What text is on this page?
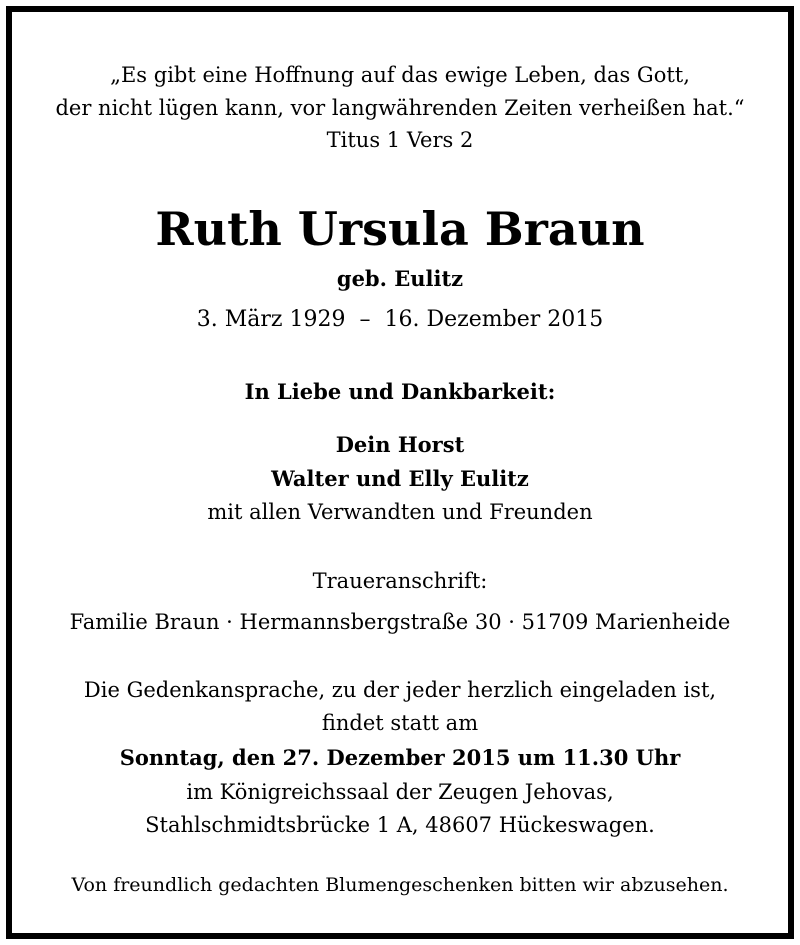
„Es gibt eine Hoffnung auf das ewige Leben, das Gott,
der nicht lügen kann, vor langwährenden Zeiten verheißen hat.“
Titus 1 Vers 2
Ruth Ursula Braun
geb. Eulitz
3. März 1929 – 16. Dezember 2015
In Liebe und Dankbarkeit:
Dein Horst
Walter und Elly Eulitz
mit allen Verwandten und Freunden
Traueranschrift:
Familie Braun · Hermannsbergstraße 30 · 51709 Marienheide
Die Gedenkansprache, zu der jeder herzlich eingeladen ist,
findet statt am
Sonntag, den 27. Dezember 2015 um 11.30 Uhr
im Königreichssaal der Zeugen Jehovas,
Stahlschmidtsbrücke 1 A, 48607 Hückeswagen.
Von freundlich gedachten Blumengeschenken bitten wir abzusehen.
